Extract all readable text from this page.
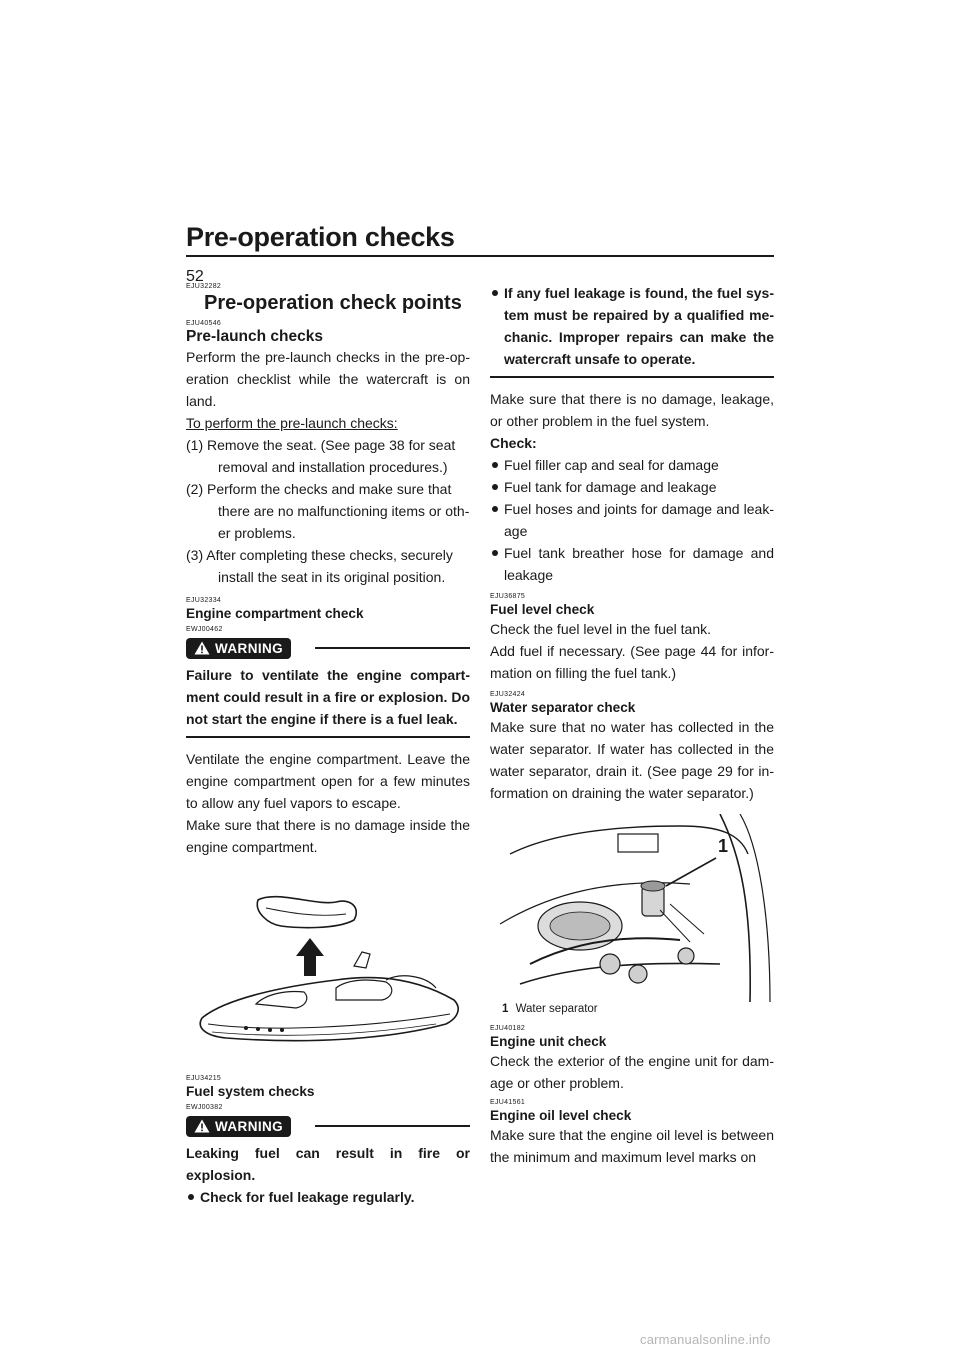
Pre-operation checks
52

EJU32282

Pre-operation check points

EJU40546

Pre-launch checks

Perform the pre-launch checks in the pre-op-eration checklist while the watercraft is on land.

To perform the pre-launch checks:

(1) Remove the seat. (See page 38 for seat removal and installation procedures.)
(2) Perform the checks and make sure that there are no malfunctioning items or oth-er problems.
(3) After completing these checks, securely install the seat in its original position.

EJU32334

Engine compartment check

EWJ00462

WARNING

Failure to ventilate the engine compart-ment could result in a fire or explosion. Do not start the engine if there is a fuel leak.

Ventilate the engine compartment. Leave the engine compartment open for a few minutes to allow any fuel vapors to escape.

Make sure that there is no damage inside the engine compartment.

EJU34215

Fuel system checks

EWJ00382

WARNING

Leaking fuel can result in fire or explosion.

Check for fuel leakage regularly.
If any fuel leakage is found, the fuel sys-tem must be repaired by a qualified me-chanic. Improper repairs can make the watercraft unsafe to operate.

Make sure that there is no damage, leakage, or other problem in the fuel system.

Check:

Fuel filler cap and seal for damage
Fuel tank for damage and leakage
Fuel hoses and joints for damage and leak-age
Fuel tank breather hose for damage and leakage

EJU36875

Fuel level check

Check the fuel level in the fuel tank.

Add fuel if necessary. (See page 44 for infor-mation on filling the fuel tank.)

EJU32424

Water separator check

Make sure that no water has collected in the water separator. If water has collected in the water separator, drain it. (See page 29 for in-formation on draining the water separator.)

1
1 Water separator

EJU40182

Engine unit check

Check the exterior of the engine unit for dam-age or other problem.

EJU41561

Engine oil level check

Make sure that the engine oil level is between the minimum and maximum level marks on

carmanualsonline.info
